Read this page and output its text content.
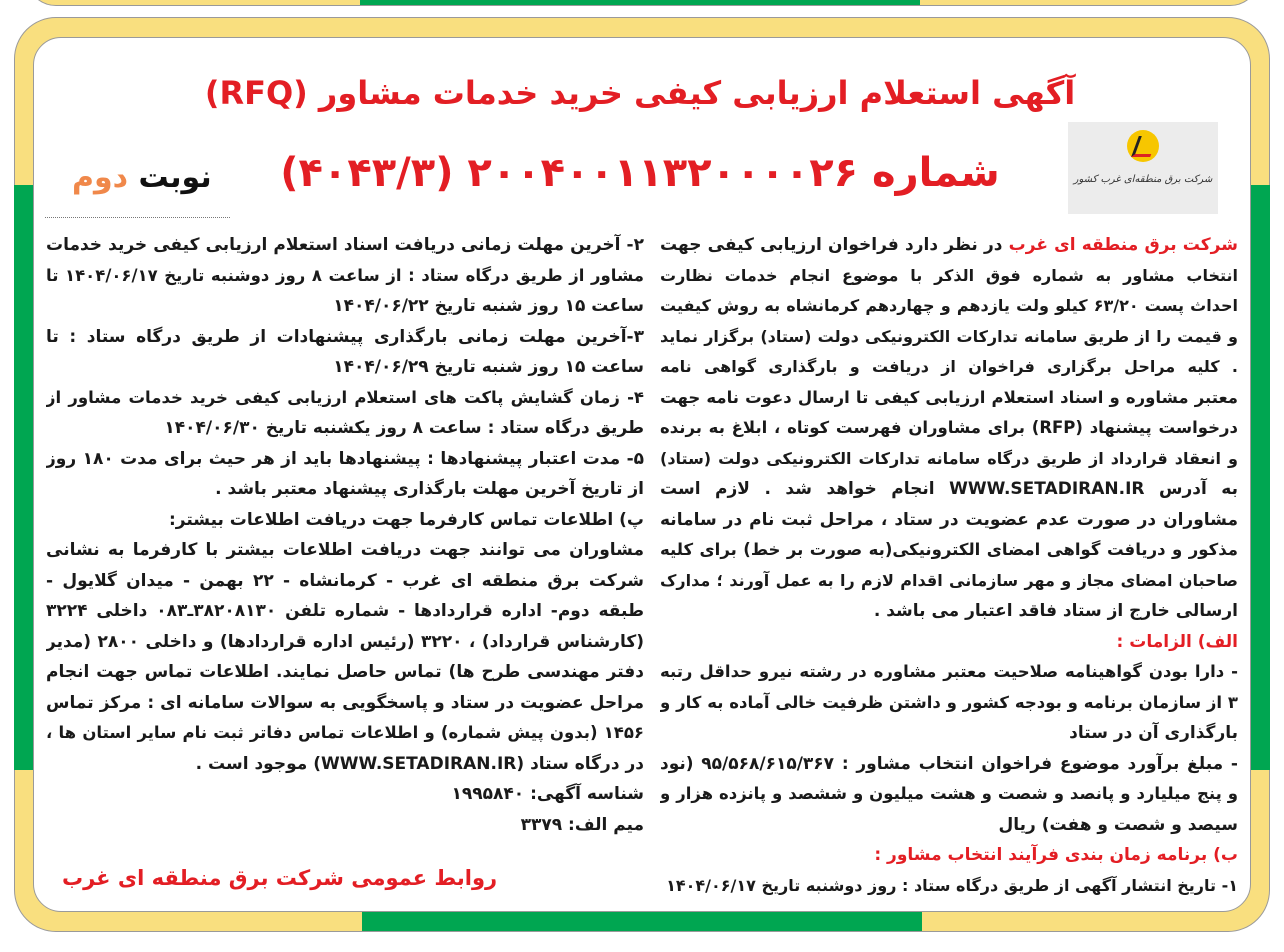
آگهی استعلام ارزیابی کیفی خرید خدمات مشاور (RFQ)
شماره ۲۰۰۴۰۰۱۱۳۲۰۰۰۰۲۶ (۴۰۴۳/۳)	شرکت برق منطقه‌ای غرب کشور
نوبت دوم
شرکت برق منطقه ای غرب در نظر دارد فراخوان ارزیابی کیفی جهت
انتخاب مشاور به شماره فوق الذکر با موضوع انجام خدمات نظارت
احداث پست ۶۳/۲۰ کیلو ولت یازدهم و چهاردهم کرمانشاه به روش کیفیت
و قیمت را از طریق سامانه تدارکات الکترونیکی دولت (ستاد) برگزار نماید
. کلیه مراحل برگزاری فراخوان از دریافت و بارگذاری گواهی نامه
معتبر مشاوره و اسناد استعلام ارزیابی کیفی تا ارسال دعوت نامه جهت
درخواست پیشنهاد (RFP) برای مشاوران فهرست کوتاه ، ابلاغ به برنده
و انعقاد قرارداد از طریق درگاه سامانه تدارکات الکترونیکی دولت (ستاد)
به آدرس WWW.SETADIRAN.IR انجام خواهد شد . لازم است
مشاوران در صورت عدم عضویت در ستاد ، مراحل ثبت نام در سامانه
مذکور و دریافت گواهی امضای الکترونیکی(به صورت بر خط) برای کلیه
صاحبان امضای مجاز و مهر سازمانی اقدام لازم را به عمل آورند ؛ مدارک
ارسالی خارج از ستاد فاقد اعتبار می باشد .
الف) الزامات :
- دارا بودن گواهینامه صلاحیت معتبر مشاوره در رشته نیرو حداقل رتبه
۳ از سازمان برنامه و بودجه کشور و داشتن ظرفیت خالی آماده به کار و
بارگذاری آن در ستاد
- مبلغ برآورد موضوع فراخوان انتخاب مشاور : ۹۵/۵۶۸/۶۱۵/۳۶۷ (نود
و پنج میلیارد و پانصد و شصت و هشت میلیون و ششصد و پانزده هزار و
سیصد و شصت و هفت) ریال
ب) برنامه زمان بندی فرآیند انتخاب مشاور :
۱- تاریخ انتشار آگهی از طریق درگاه ستاد : روز دوشنبه تاریخ ۱۴۰۴/۰۶/۱۷
۲- آخرین مهلت زمانی دریافت اسناد استعلام ارزیابی کیفی خرید خدمات
مشاور از طریق درگاه ستاد : از ساعت ۸ روز دوشنبه تاریخ ۱۴۰۴/۰۶/۱۷ تا
ساعت ۱۵ روز شنبه تاریخ ۱۴۰۴/۰۶/۲۲
۳-آخرین مهلت زمانی بارگذاری پیشنهادات از طریق درگاه ستاد : تا
ساعت ۱۵ روز شنبه تاریخ ۱۴۰۴/۰۶/۲۹
۴- زمان گشایش پاکت های استعلام ارزیابی کیفی خرید خدمات مشاور از
طریق درگاه ستاد : ساعت ۸ روز یکشنبه تاریخ ۱۴۰۴/۰۶/۳۰
۵- مدت اعتبار پیشنهادها : پیشنهادها باید از هر حیث برای مدت ۱۸۰ روز
از تاریخ آخرین مهلت بارگذاری پیشنهاد معتبر باشد .
پ) اطلاعات تماس کارفرما جهت دریافت اطلاعات بیشتر:
مشاوران می توانند جهت دریافت اطلاعات بیشتر با کارفرما به نشانی
شرکت برق منطقه ای غرب - کرمانشاه - ۲۲ بهمن - میدان گلایول -
طبقه دوم- اداره قراردادها - شماره تلفن ۳۸۲۰۸۱۳۰ـ۰۸۳ داخلی ۳۲۲۴
(کارشناس قرارداد) ، ۳۲۲۰ (رئیس اداره قراردادها) و داخلی ۲۸۰۰ (مدیر
دفتر مهندسی طرح ها) تماس حاصل نمایند. اطلاعات تماس جهت انجام
مراحل عضویت در ستاد و پاسخگویی به سوالات سامانه ای : مرکز تماس
۱۴۵۶ (بدون پیش شماره) و اطلاعات تماس دفاتر ثبت نام سایر استان ها ،
در درگاه ستاد (WWW.SETADIRAN.IR) موجود است .
شناسه آگهی: ۱۹۹۵۸۴۰
میم الف: ۳۳۷۹
روابط عمومی شرکت برق منطقه ای غرب
